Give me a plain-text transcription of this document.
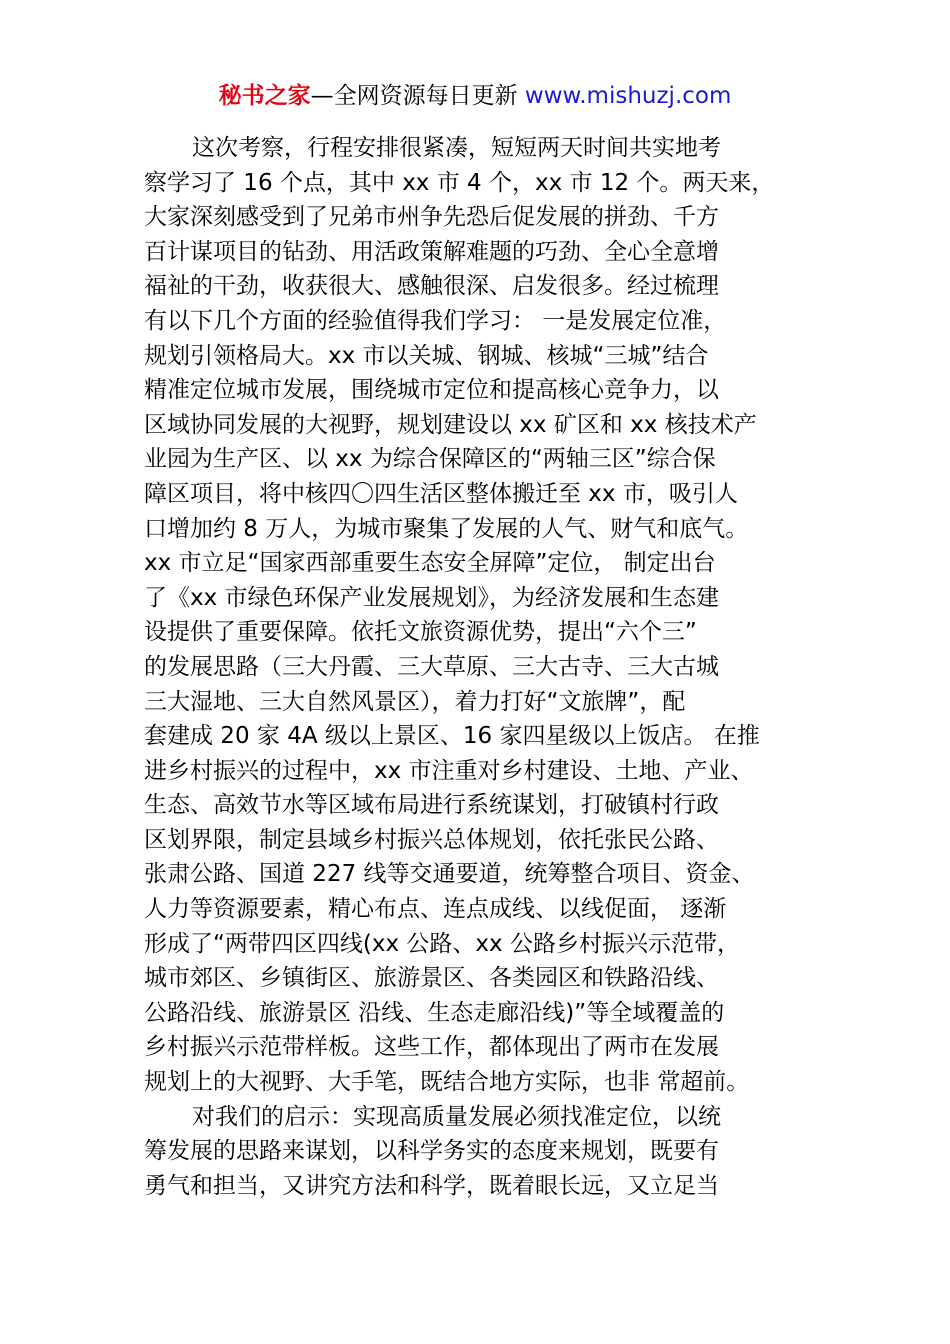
秘书之家—全网资源每日更新 www.mishuzj.com
这次考察，行程安排很紧凑，短短两天时间共实地考
察学习了 16 个点，其中 xx 市 4 个，xx 市 12 个。两天来，
大家深刻感受到了兄弟市州争先恐后促发展的拼劲、千方
百计谋项目的钻劲、用活政策解难题的巧劲、全心全意增
福祉的干劲，收获很大、感触很深、启发很多。经过梳理
有以下几个方面的经验值得我们学习： 一是发展定位准，
规划引领格局大。xx 市以关城、钢城、核城“三城”结合
精准定位城市发展，围绕城市定位和提高核心竞争力，以
区域协同发展的大视野，规划建设以 xx 矿区和 xx 核技术产
业园为生产区、以 xx 为综合保障区的“两轴三区”综合保
障区项目，将中核四〇四生活区整体搬迁至 xx 市，吸引人
口增加约 8 万人，为城市聚集了发展的人气、财气和底气。
xx 市立足“国家西部重要生态安全屏障”定位， 制定出台
了《xx 市绿色环保产业发展规划》，为经济发展和生态建
设提供了重要保障。依托文旅资源优势，提出“六个三”
的发展思路（三大丹霞、三大草原、三大古寺、三大古城
三大湿地、三大自然风景区），着力打好“文旅牌”，配
套建成 20 家 4A 级以上景区、16 家四星级以上饭店。 在推
进乡村振兴的过程中，xx 市注重对乡村建设、土地、产业、
生态、高效节水等区域布局进行系统谋划，打破镇村行政
区划界限，制定县域乡村振兴总体规划，依托张民公路、
张肃公路、国道 227 线等交通要道，统筹整合项目、资金、
人力等资源要素，精心布点、连点成线、以线促面， 逐渐
形成了“两带四区四线(xx 公路、xx 公路乡村振兴示范带，
城市郊区、乡镇街区、旅游景区、各类园区和铁路沿线、
公路沿线、旅游景区 沿线、生态走廊沿线)”等全域覆盖的
乡村振兴示范带样板。这些工作，都体现出了两市在发展
规划上的大视野、大手笔，既结合地方实际，也非 常超前。
对我们的启示：实现高质量发展必须找准定位，以统
筹发展的思路来谋划，以科学务实的态度来规划，既要有
勇气和担当，又讲究方法和科学，既着眼长远，又立足当
